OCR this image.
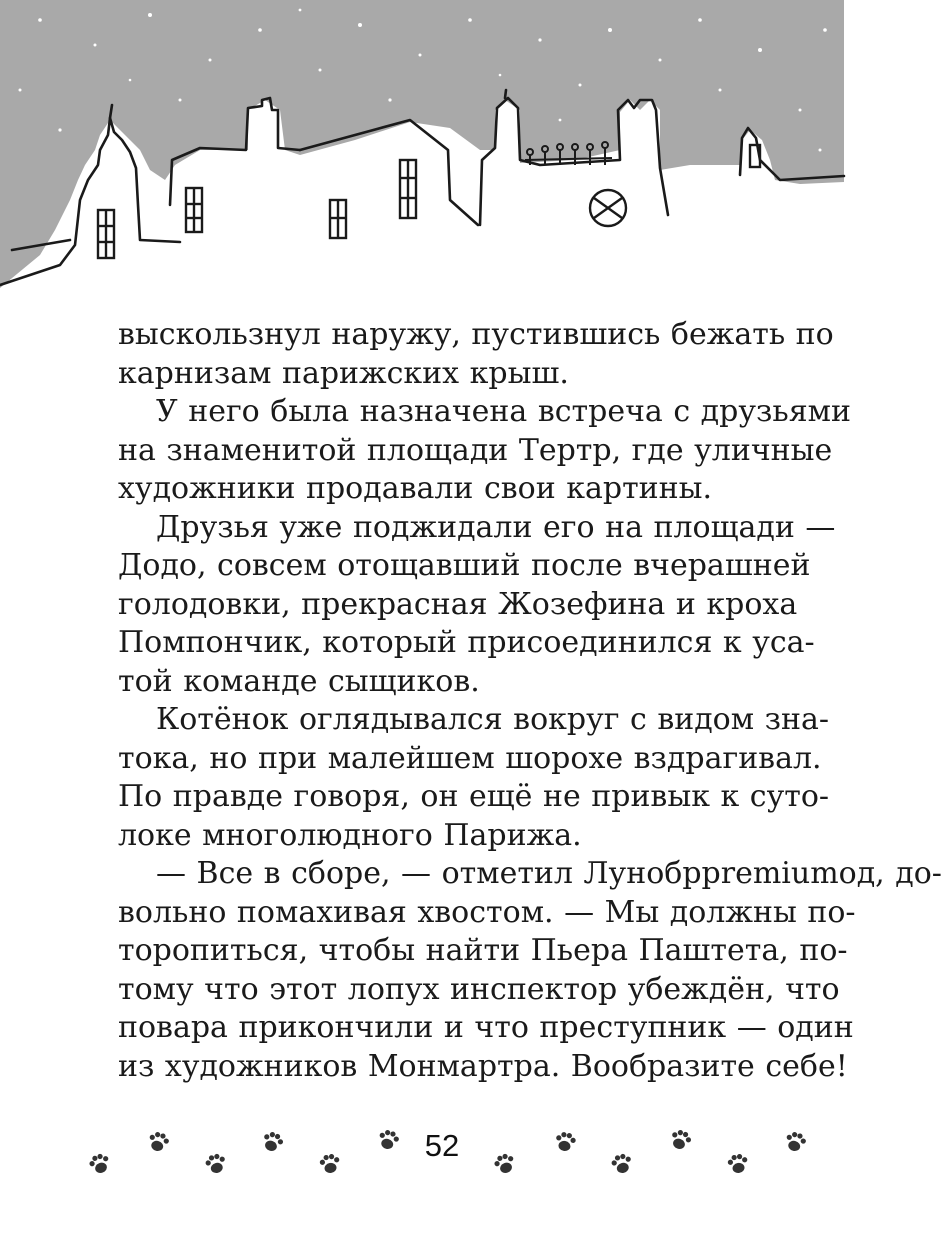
выскользнул наружу, пустившись бежать по
карнизам парижских крыш.
У него была назначена встреча с друзьями
на знаменитой площади Тертр, где уличные
художники продавали свои картины.
Друзья уже поджидали его на площади —
Додо, совсем отощавший после вчерашней
голодовки, прекрасная Жозефина и кроха
Помпончик, который присоединился к уса-
той команде сыщиков.
Котёнок оглядывался вокруг с видом зна-
тока, но при малейшем шорохе вздрагивал.
По правде говоря, он ещё не привык к суто-
локе многолюдного Парижа.
— Все в сборе, — отметил Лунобрpremiumод, до-
вольно помахивая хвостом. — Мы должны по-
торопиться, чтобы найти Пьера Паштета, по-
тому что этот лопух инспектор убеждён, что
повара прикончили и что преступник — один
из художников Монмартра. Вообразите себе!
52
